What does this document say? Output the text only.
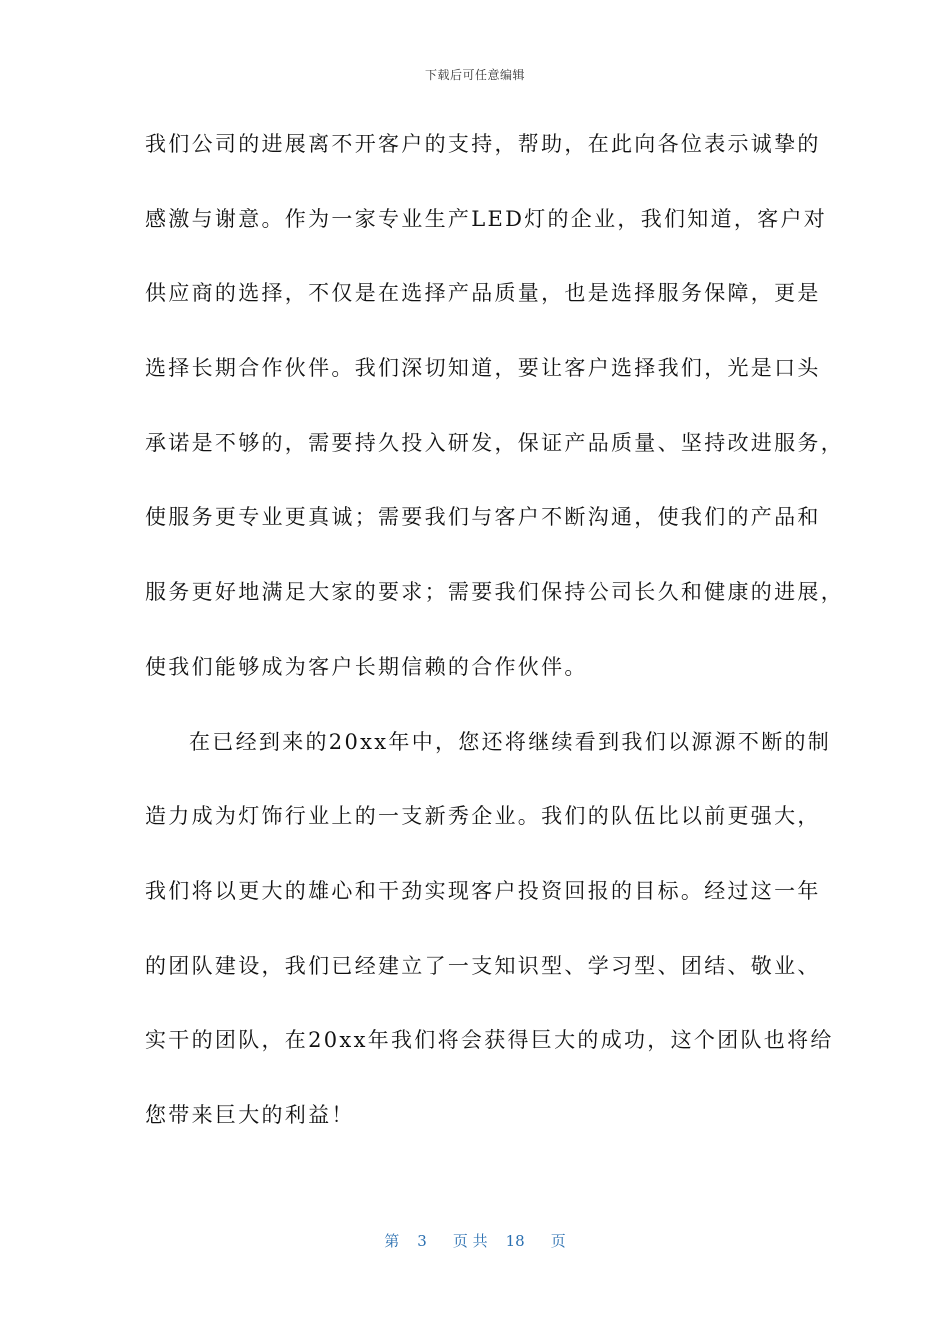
下载后可任意编辑
我们公司的进展离不开客户的支持，帮助，在此向各位表示诚挚的
感激与谢意。作为一家专业生产LED灯的企业，我们知道，客户对
供应商的选择，不仅是在选择产品质量，也是选择服务保障，更是
选择长期合作伙伴。我们深切知道，要让客户选择我们，光是口头
承诺是不够的，需要持久投入研发，保证产品质量、坚持改进服务，
使服务更专业更真诚；需要我们与客户不断沟通，使我们的产品和
服务更好地满足大家的要求；需要我们保持公司长久和健康的进展，
使我们能够成为客户长期信赖的合作伙伴。
在已经到来的20xx年中，您还将继续看到我们以源源不断的制
造力成为灯饰行业上的一支新秀企业。我们的队伍比以前更强大，
我们将以更大的雄心和干劲实现客户投资回报的目标。经过这一年
的团队建设，我们已经建立了一支知识型、学习型、团结、敬业、
实干的团队，在20xx年我们将会获得巨大的成功，这个团队也将给
您带来巨大的利益！
第 3 页 共 18 页
